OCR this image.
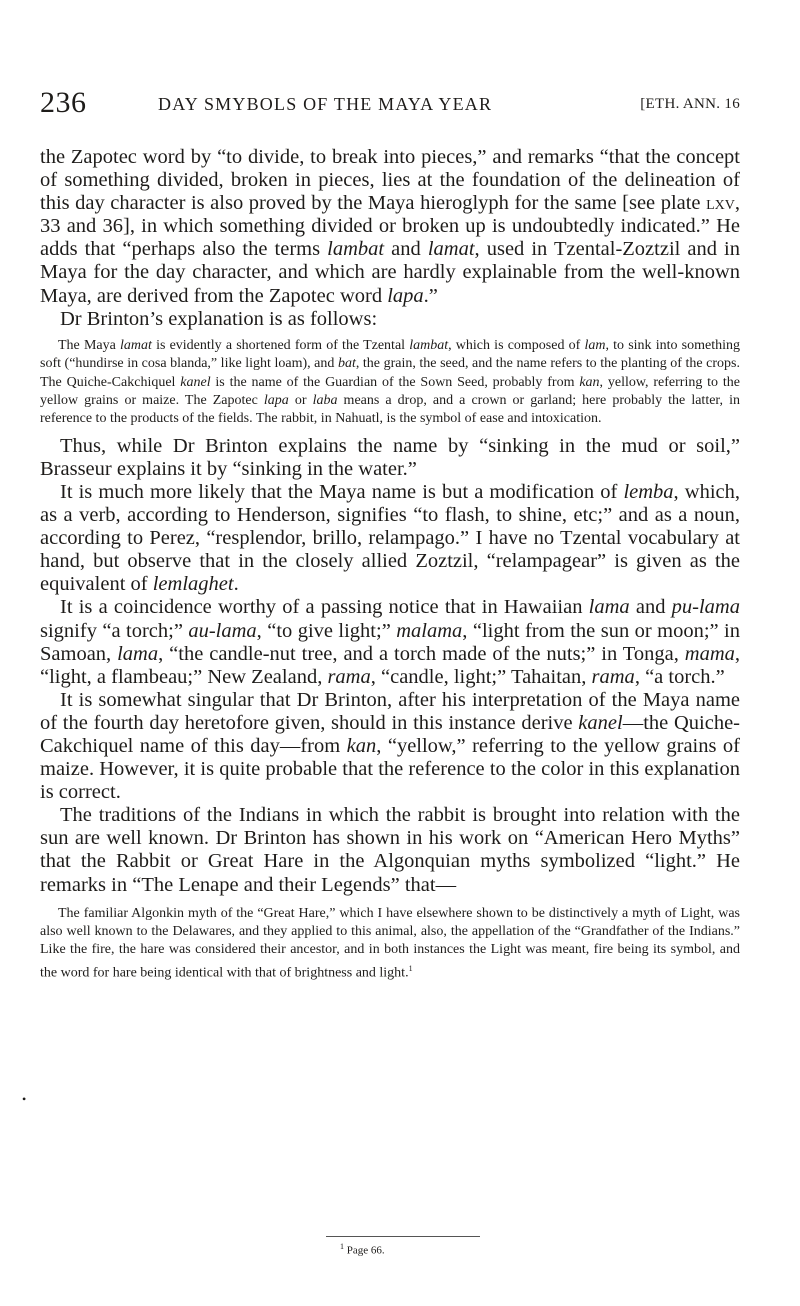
236	DAY SMYBOLS OF THE MAYA YEAR	[ETH. ANN. 16

the Zapotec word by “to divide, to break into pieces,” and remarks “that the concept of something divided, broken in pieces, lies at the foundation of the delineation of this day character is also proved by the Maya hieroglyph for the same [see plate lxv, 33 and 36], in which something divided or broken up is undoubtedly indicated.” He adds that “perhaps also the terms lambat and lamat, used in Tzental-Zoztzil and in Maya for the day character, and which are hardly explainable from the well-known Maya, are derived from the Zapotec word lapa.”

Dr Brinton’s explanation is as follows:

The Maya lamat is evidently a shortened form of the Tzental lambat, which is composed of lam, to sink into something soft (“hundirse in cosa blanda,” like light loam), and bat, the grain, the seed, and the name refers to the planting of the crops. The Quiche-Cakchiquel kanel is the name of the Guardian of the Sown Seed, probably from kan, yellow, referring to the yellow grains or maize. The Zapotec lapa or laba means a drop, and a crown or garland; here probably the latter, in reference to the products of the fields. The rabbit, in Nahuatl, is the symbol of ease and intoxication.

Thus, while Dr Brinton explains the name by “sinking in the mud or soil,” Brasseur explains it by “sinking in the water.”

It is much more likely that the Maya name is but a modification of lemba, which, as a verb, according to Henderson, signifies “to flash, to shine, etc;” and as a noun, according to Perez, “resplendor, brillo, relampago.” I have no Tzental vocabulary at hand, but observe that in the closely allied Zoztzil, “relampagear” is given as the equivalent of lemlaghet.

It is a coincidence worthy of a passing notice that in Hawaiian lama and pu-lama signify “a torch;” au-lama, “to give light;” malama, “light from the sun or moon;” in Samoan, lama, “the candle-nut tree, and a torch made of the nuts;” in Tonga, mama, “light, a flambeau;” New Zealand, rama, “candle, light;” Tahaitan, rama, “a torch.”

It is somewhat singular that Dr Brinton, after his interpretation of the Maya name of the fourth day heretofore given, should in this instance derive kanel—the Quiche-Cakchiquel name of this day—from kan, “yellow,” referring to the yellow grains of maize. However, it is quite probable that the reference to the color in this explanation is correct.

The traditions of the Indians in which the rabbit is brought into relation with the sun are well known. Dr Brinton has shown in his work on “American Hero Myths” that the Rabbit or Great Hare in the Algonquian myths symbolized “light.” He remarks in “The Lenape and their Legends” that—

The familiar Algonkin myth of the “Great Hare,” which I have elsewhere shown to be distinctively a myth of Light, was also well known to the Delawares, and they applied to this animal, also, the appellation of the “Grandfather of the Indians.” Like the fire, the hare was considered their ancestor, and in both instances the Light was meant, fire being its symbol, and the word for hare being identical with that of brightness and light.$^1$

•
$^1$ Page 66.
